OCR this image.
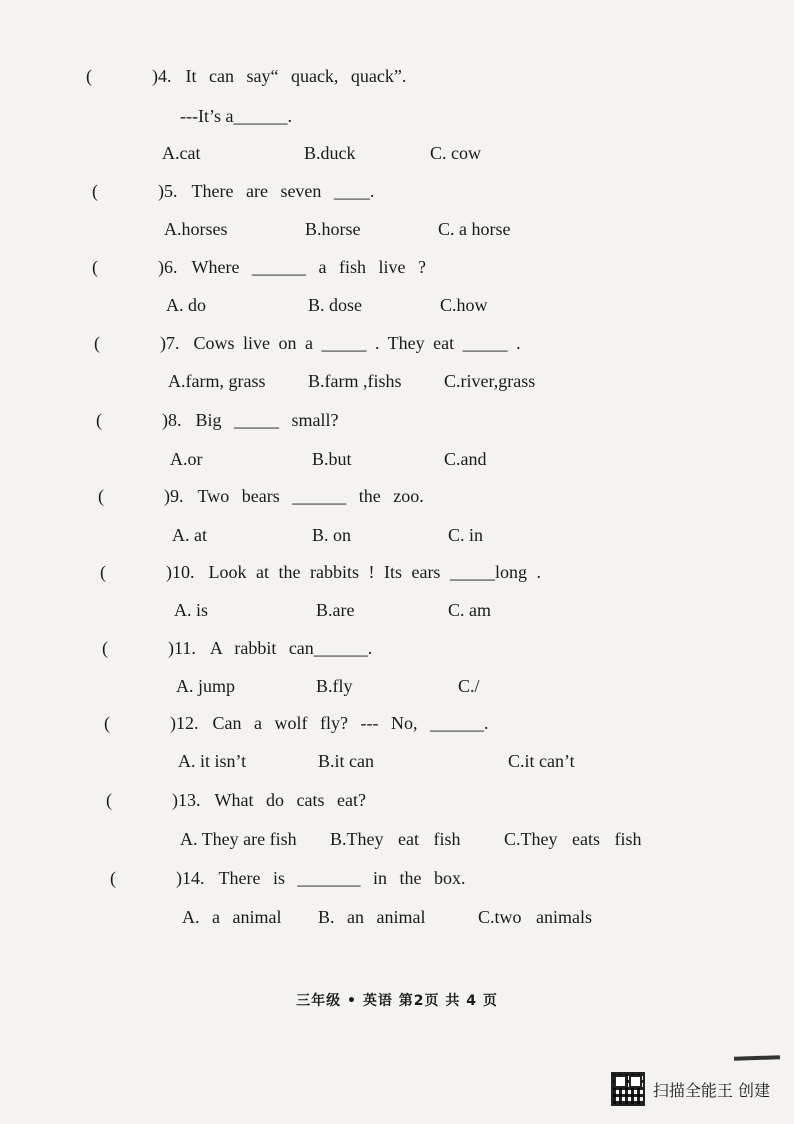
(	)4. It can say“ quack, quack”.
---It’s a______.
A.cat	B.duck	C. cow
(	)5. There are seven ____.
A.horses	B.horse	C. a horse
(	)6. Where ______ a fish live ?
A. do	B. dose	C.how
(	)7. Cows live on a _____ . They eat _____ .
A.farm, grass B.farm ,fishs C.river,grass
(	)8. Big _____ small?
A.or	B.but	C.and
(	)9. Two bears ______ the zoo.
A. at	B. on	C. in
(	)10. Look at the rabbits ! Its ears _____long .
A. is	B.are	C. am
(	)11. A rabbit can______.
A. jump	B.fly	C./
(	)12. Can a wolf fly? --- No, ______.
A. it isn’t	B.it can	C.it can’t
(	)13. What do cats eat?
A. They are fish B.They eat fish C.They eats fish
(	)14. There is _______ in the box.
A. a animal B. an animal	C.two animals
三年级 • 英语 第2页 共 4 页
扫描全能王 创建
